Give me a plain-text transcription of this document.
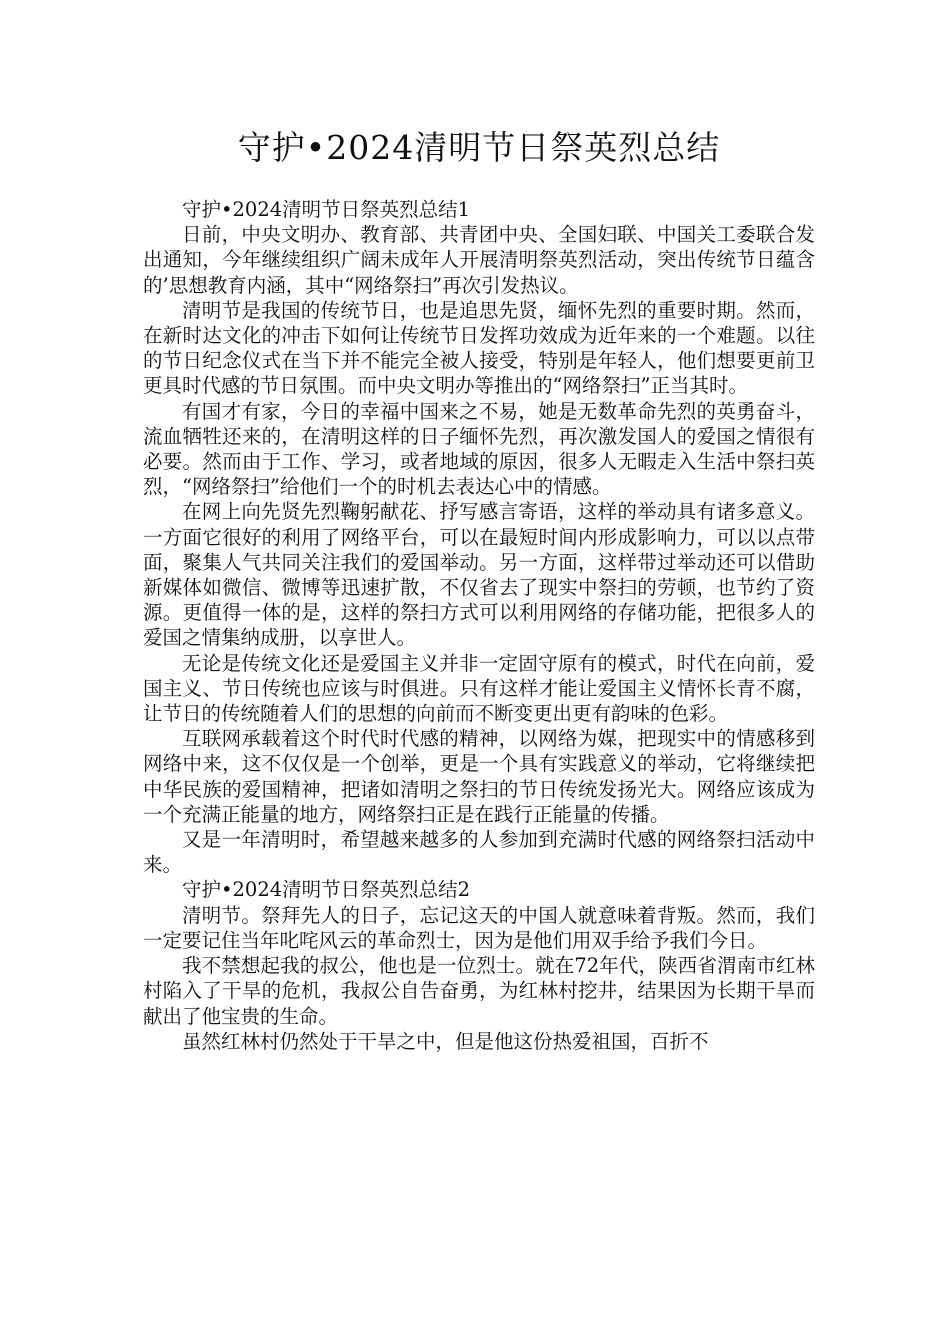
守护•2024清明节日祭英烈总结

守护•2024清明节日祭英烈总结1

日前，中央文明办、教育部、共青团中央、全国妇联、中国关工委联合发出通知，今年继续组织广阔未成年人开展清明祭英烈活动，突出传统节日蕴含的’思想教育内涵，其中“网络祭扫”再次引发热议。

清明节是我国的传统节日，也是追思先贤，缅怀先烈的重要时期。然而，在新时达文化的冲击下如何让传统节日发挥功效成为近年来的一个难题。以往的节日纪念仪式在当下并不能完全被人接受，特别是年轻人，他们想要更前卫更具时代感的节日氛围。而中央文明办等推出的“网络祭扫”正当其时。

有国才有家，今日的幸福中国来之不易，她是无数革命先烈的英勇奋斗，流血牺牲还来的，在清明这样的日子缅怀先烈，再次激发国人的爱国之情很有必要。然而由于工作、学习，或者地域的原因，很多人无暇走入生活中祭扫英烈，“网络祭扫”给他们一个的时机去表达心中的情感。

在网上向先贤先烈鞠躬献花、抒写感言寄语，这样的举动具有诸多意义。一方面它很好的利用了网络平台，可以在最短时间内形成影响力，可以以点带面，聚集人气共同关注我们的爱国举动。另一方面，这样带过举动还可以借助新媒体如微信、微博等迅速扩散，不仅省去了现实中祭扫的劳顿，也节约了资源。更值得一体的是，这样的祭扫方式可以利用网络的存储功能，把很多人的爱国之情集纳成册，以享世人。

无论是传统文化还是爱国主义并非一定固守原有的模式，时代在向前，爱国主义、节日传统也应该与时俱进。只有这样才能让爱国主义情怀长青不腐，让节日的传统随着人们的思想的向前而不断变更出更有韵味的色彩。

互联网承载着这个时代时代感的精神，以网络为媒，把现实中的情感移到网络中来，这不仅仅是一个创举，更是一个具有实践意义的举动，它将继续把中华民族的爱国精神，把诸如清明之祭扫的节日传统发扬光大。网络应该成为一个充满正能量的地方，网络祭扫正是在践行正能量的传播。

又是一年清明时，希望越来越多的人参加到充满时代感的网络祭扫活动中来。

守护•2024清明节日祭英烈总结2

清明节。祭拜先人的日子，忘记这天的中国人就意味着背叛。然而，我们一定要记住当年叱咤风云的革命烈士，因为是他们用双手给予我们今日。

我不禁想起我的叔公，他也是一位烈士。就在72年代，陕西省渭南市红林村陷入了干旱的危机，我叔公自告奋勇，为红林村挖井，结果因为长期干旱而献出了他宝贵的生命。

虽然红林村仍然处于干旱之中，但是他这份热爱祖国，百折不
